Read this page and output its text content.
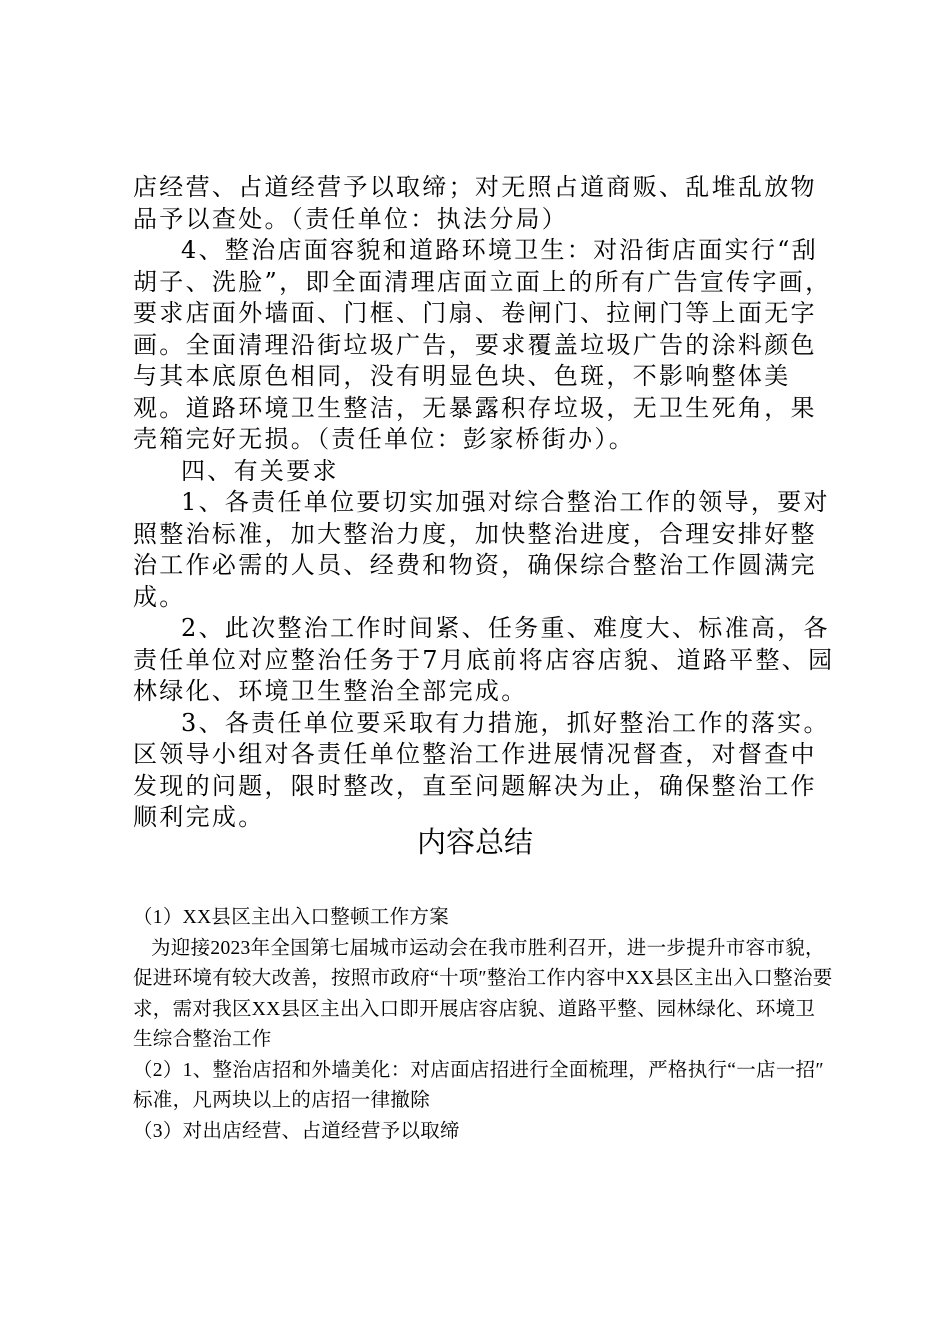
店经营、占道经营予以取缔；对无照占道商贩、乱堆乱放物品予以查处。（责任单位：执法分局）

4、整治店面容貌和道路环境卫生：对沿街店面实行“刮胡子、洗脸”，即全面清理店面立面上的所有广告宣传字画，要求店面外墙面、门框、门扇、卷闸门、拉闸门等上面无字画。全面清理沿街垃圾广告，要求覆盖垃圾广告的涂料颜色与其本底原色相同，没有明显色块、色斑，不影响整体美观。道路环境卫生整洁，无暴露积存垃圾，无卫生死角，果壳箱完好无损。（责任单位：彭家桥街办）。

四、有关要求

1、各责任单位要切实加强对综合整治工作的领导，要对照整治标准，加大整治力度，加快整治进度，合理安排好整治工作必需的人员、经费和物资，确保综合整治工作圆满完成。

2、此次整治工作时间紧、任务重、难度大、标准高，各责任单位对应整治任务于7月底前将店容店貌、道路平整、园林绿化、环境卫生整治全部完成。

3、各责任单位要采取有力措施，抓好整治工作的落实。区领导小组对各责任单位整治工作进展情况督查，对督查中发现的问题，限时整改，直至问题解决为止，确保整治工作顺利完成。

内容总结

（1）XX县区主出入口整顿工作方案

为迎接2023年全国第七届城市运动会在我市胜利召开，进一步提升市容市貌，促进环境有较大改善，按照市政府“十项″整治工作内容中XX县区主出入口整治要求，需对我区XX县区主出入口即开展店容店貌、道路平整、园林绿化、环境卫生综合整治工作

（2）1、整治店招和外墙美化：对店面店招进行全面梳理，严格执行“一店一招″标准，凡两块以上的店招一律撤除

（3）对出店经营、占道经营予以取缔
